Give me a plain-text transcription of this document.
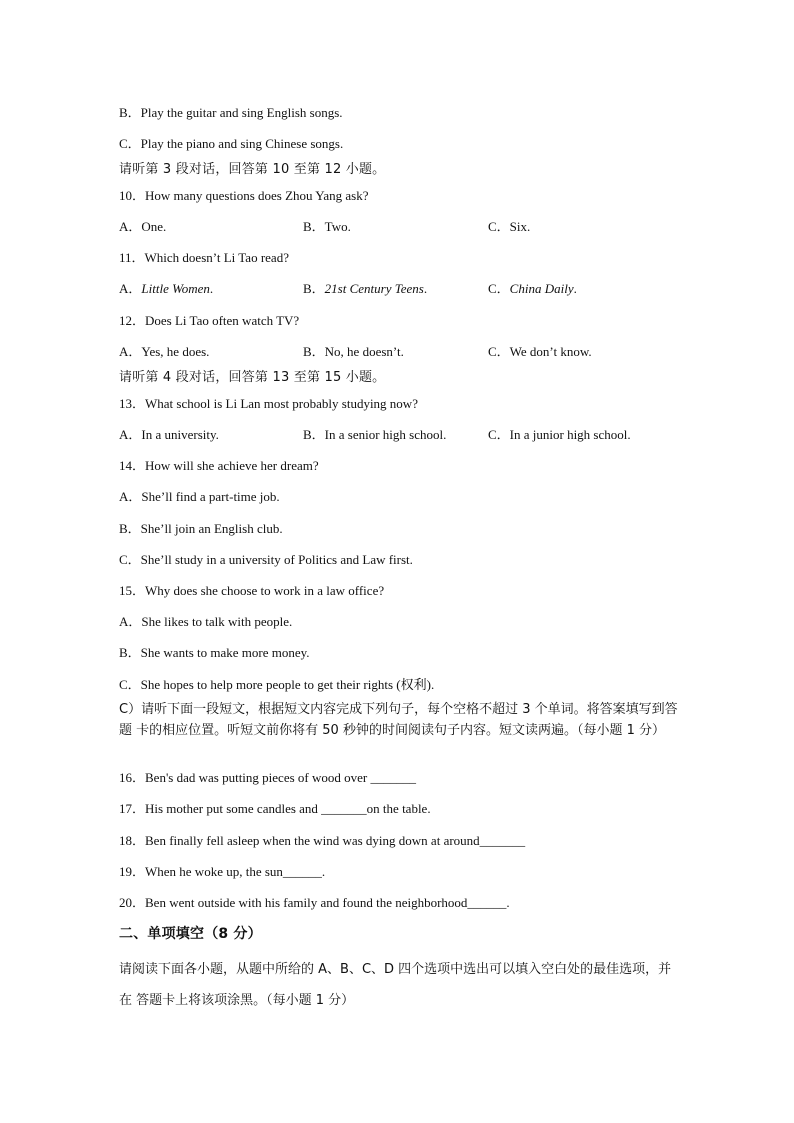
B．Play the guitar and sing English songs.
C．Play the piano and sing Chinese songs.
请听第 3 段对话，回答第 10 至第 12 小题。
10．How many questions does Zhou Yang ask?
A．One.	B．Two.	C．Six.
11．Which doesn’t Li Tao read?
A．Little Women.	B．21st Century Teens.	C．China Daily.
12．Does Li Tao often watch TV?
A．Yes, he does.	B．No, he doesn’t.	C．We don’t know.
请听第 4 段对话，回答第 13 至第 15 小题。
13．What school is Li Lan most probably studying now?
A．In a university.	B．In a senior high school.	C．In a junior high school.
14．How will she achieve her dream?
A．She’ll find a part-time job.
B．She’ll join an English club.
C．She’ll study in a university of Politics and Law first.
15．Why does she choose to work in a law office?
A．She likes to talk with people.
B．She wants to make more money.
C．She hopes to help more people to get their rights (权利).
C）请听下面一段短文，根据短文内容完成下列句子，每个空格不超过 3 个单词。将答案填写到答题 卡的相应位置。听短文前你将有 50 秒钟的时间阅读句子内容。短文读两遍。（每小题 1 分）
16．Ben's dad was putting pieces of wood over _______
17．His mother put some candles and _______on the table.
18．Ben finally fell asleep when the wind was dying down at around_______
19．When he woke up, the sun______.
20．Ben went outside with his family and found the neighborhood______.
二、单项填空（8 分）
请阅读下面各小题，从题中所给的 A、B、C、D 四个选项中选出可以填入空白处的最佳选项，并在 答题卡上将该项涂黑。（每小题 1 分）
